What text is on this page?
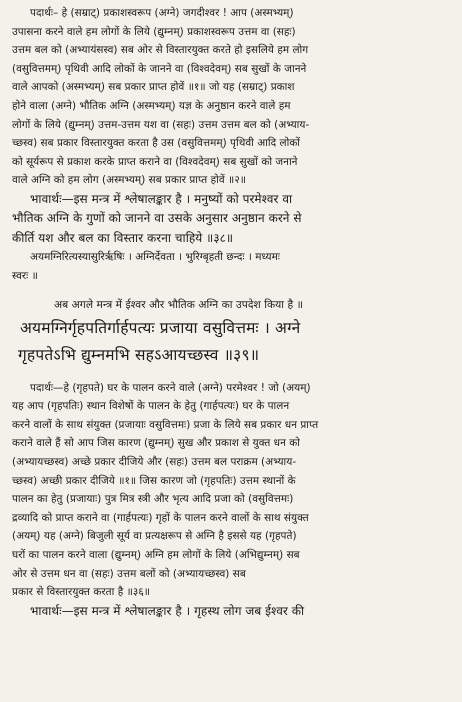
पदार्थः– हे (सम्राट्) प्रकाशस्वरूप (अग्ने) जगदीश्वर ! आप (अस्मभ्यम्)
उपासना करने वाले हम लोगों के लिये (द्युम्नम्) प्रकाशस्वरूप उत्तम वा (सहः)
उत्तम बल को (अभ्यायंसस्व) सब ओर से विस्तारयुक्त करते हो इसलिये हम लोग
(वसुवित्तमम्) पृथिवी आदि लोकों के जानने वा (विश्वदेवम्) सब सुखों के जानने
वाले आपको (अस्मभ्यम्) सब प्रकार प्राप्त होवें ॥१॥ जो यह (सम्राट्) प्रकाश
होने वाला (अग्ने) भौतिक अग्नि (अस्मभ्यम्) यज्ञ के अनुष्ठान करने वाले हम
लोगों के लिये (द्युम्नम्) उत्तम-उत्तम यश वा (सहः) उत्तम उत्तम बल को (अभ्याय-
च्छस्व) सब प्रकार विस्तारयुक्त करता है उस (वसुवित्तमम्) पृथिवी आदि लोकों
को सूर्यरूप से प्रकाश करके प्राप्त कराने वा (विश्वदेवम्) सब सुखों को जनाने
वाले अग्नि को हम लोग (अस्मभ्यम्) सब प्रकार प्राप्त होवें ॥२॥
भावार्थः—इस मन्त्र में श्लेषालङ्कार है । मनुष्यों को परमेश्वर वा
भौतिक अग्नि के गुणों को जानने वा उसके अनुसार अनुष्ठान करने से
कीर्ति यश और बल का विस्तार करना चाहिये ॥३८॥
अयमग्निरित्यस्यासुरिर्ऋषिः । अग्निर्देवता । भुरिग्बृहती छन्दः । मध्यमः
स्वरः ॥
अब अगले मन्त्र में ईश्वर और भौतिक अग्नि का उपदेश किया है ॥
अयमग्निर्गृहपतिर्गार्हपत्यः प्रजाया वसुवित्तमः । अग्ने
गृहपतेऽभि द्युम्नमभि सहऽआयच्छस्व ॥३९॥
पदार्थः—हे (गृहपते) घर के पालन करने वाले (अग्ने) परमेश्वर ! जो (अयम्)
यह आप (गृहपतिः) स्थान विशेषों के पालन के हेतु (गार्हपत्यः) घर के पालन
करने वालों के साथ संयुक्त (प्रजायाः वसुवित्तमः) प्रजा के लिये सब प्रकार धन प्राप्त
कराने वाले हैं सो आप जिस कारण (द्युम्नम्) सुख और प्रकाश से युक्त धन को
(अभ्यायच्छस्व) अच्छे प्रकार दीजिये और (सहः) उत्तम बल पराक्रम (अभ्याय-
च्छस्व) अच्छी प्रकार दीजिये ॥१॥ जिस कारण जो (गृहपतिः) उत्तम स्थानों के
पालन का हेतु (प्रजायाः) पुत्र मित्र स्त्री और भृत्य आदि प्रजा को (वसुवित्तमः)
द्रव्यादि को प्राप्त कराने वा (गार्हपत्यः) गृहों के पालन करने वालों के साथ संयुक्त
(अयम्) यह (अग्ने) बिजुली सूर्य वा प्रत्यक्षरूप से अग्नि है इससे यह (गृहपते)
घरों का पालन करने वाला (द्युम्नम्) अग्नि हम लोगों के लिये (अभिद्युम्नम्) सब
ओर से उत्तम धन वा (सहः) उत्तम बलों को (अभ्यायच्छस्व) सब
प्रकार से विस्तारयुक्त करता है ॥३६॥
भावार्थः—इस मन्त्र में श्लेषालङ्कार है । गृहस्थ लोग जब ईश्वर की
